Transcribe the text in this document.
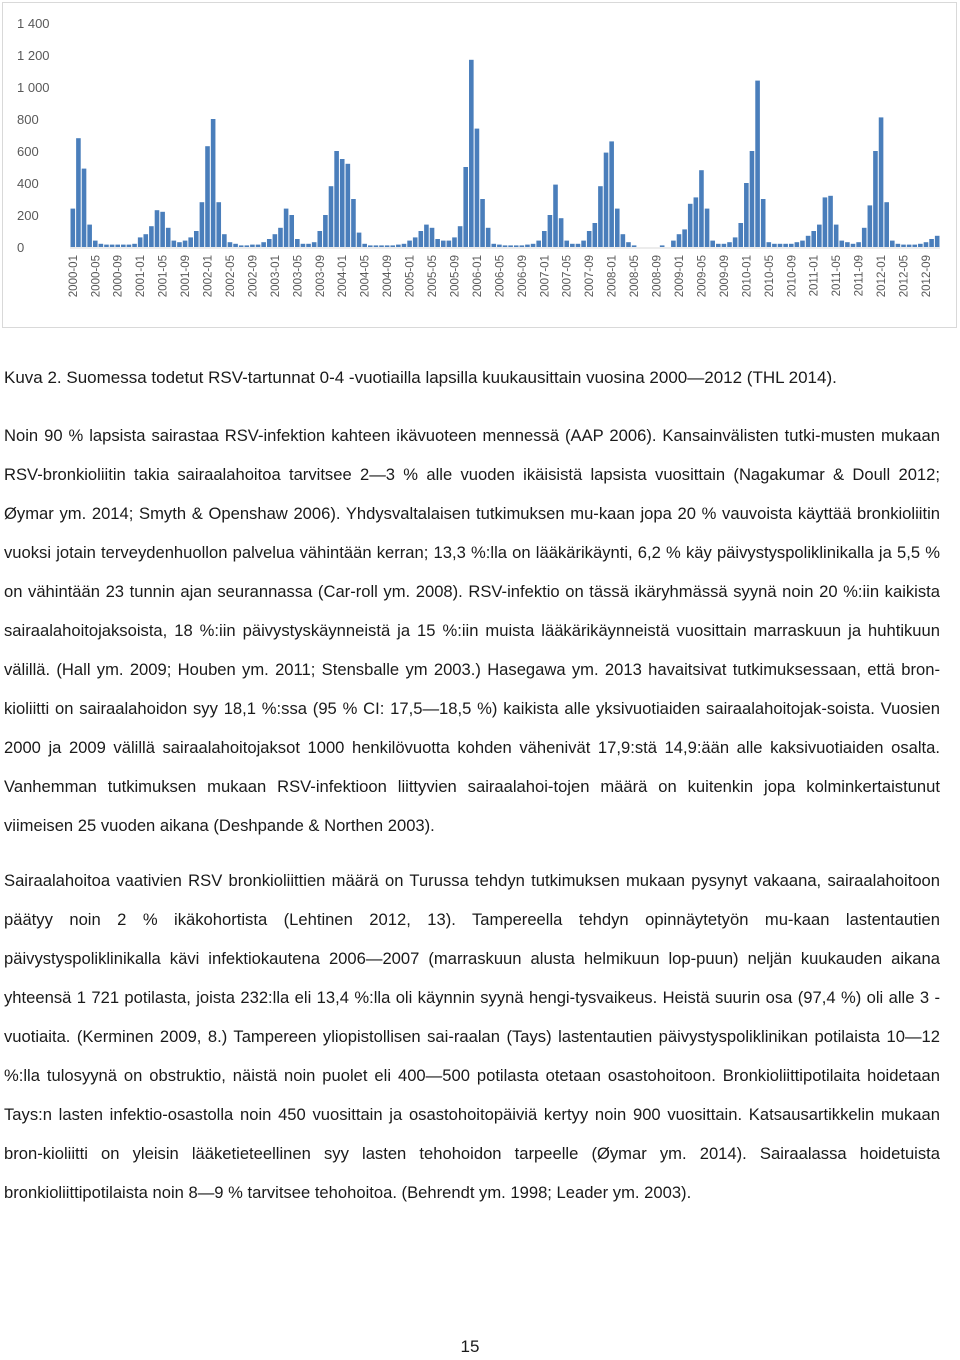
0
200
400
600
800
1 000
1 200
1 400
2000-01 2000-05 2000-09 2001-01 2001-05 2001-09 2002-01 2002-05 2002-09 2003-01 2003-05 2003-09 2004-01 2004-05 2004-09 2005-01 2005-05 2005-09 2006-01 2006-05 2006-09 2007-01 2007-05 2007-09 2008-01 2008-05 2008-09 2009-01 2009-05 2009-09 2010-01 2010-05 2010-09 2011-01 2011-05 2011-09 2012-01 2012-05 2012-09
Kuva 2. Suomessa todetut RSV-tartunnat 0-4 -vuotiailla lapsilla kuukausittain vuosina 2000—2012 (THL 2014).

Noin 90 % lapsista sairastaa RSV-infektion kahteen ikävuoteen mennessä (AAP 2006). Kansainvälisten tutki-musten mukaan RSV-bronkioliitin takia sairaalahoitoa tarvitsee 2—3 % alle vuoden ikäisistä lapsista vuosittain (Nagakumar & Doull 2012; Øymar ym. 2014; Smyth & Openshaw 2006). Yhdysvaltalaisen tutkimuksen mu-kaan jopa 20 % vauvoista käyttää bronkioliitin vuoksi jotain terveydenhuollon palvelua vähintään kerran; 13,3 %:lla on lääkärikäynti, 6,2 % käy päivystyspoliklinikalla ja 5,5 % on vähintään 23 tunnin ajan seurannassa (Car-roll ym. 2008). RSV-infektio on tässä ikäryhmässä syynä noin 20 %:iin kaikista sairaalahoitojaksoista, 18 %:iin päivystyskäynneistä ja 15 %:iin muista lääkärikäynneistä vuosittain marraskuun ja huhtikuun välillä. (Hall ym. 2009; Houben ym. 2011; Stensballe ym 2003.) Hasegawa ym. 2013 havaitsivat tutkimuksessaan, että bron-kioliitti on sairaalahoidon syy 18,1 %:ssa (95 % CI: 17,5—18,5 %) kaikista alle yksivuotiaiden sairaalahoitojak-soista. Vuosien 2000 ja 2009 välillä sairaalahoitojaksot 1000 henkilövuotta kohden vähenivät 17,9:stä 14,9:ään alle kaksivuotiaiden osalta. Vanhemman tutkimuksen mukaan RSV-infektioon liittyvien sairaalahoi-tojen määrä on kuitenkin jopa kolminkertaistunut viimeisen 25 vuoden aikana (Deshpande & Northen 2003).

Sairaalahoitoa vaativien RSV bronkioliittien määrä on Turussa tehdyn tutkimuksen mukaan pysynyt vakaana, sairaalahoitoon päätyy noin 2 % ikäkohortista (Lehtinen 2012, 13). Tampereella tehdyn opinnäytetyön mu-kaan lastentautien päivystyspoliklinikalla kävi infektiokautena 2006—2007 (marraskuun alusta helmikuun lop-puun) neljän kuukauden aikana yhteensä 1 721 potilasta, joista 232:lla eli 13,4 %:lla oli käynnin syynä hengi-tysvaikeus. Heistä suurin osa (97,4 %) oli alle 3 -vuotiaita. (Kerminen 2009, 8.) Tampereen yliopistollisen sai-raalan (Tays) lastentautien päivystyspoliklinikan potilaista 10—12 %:lla tulosyynä on obstruktio, näistä noin puolet eli 400—500 potilasta otetaan osastohoitoon. Bronkioliittipotilaita hoidetaan Tays:n lasten infektio-osastolla noin 450 vuosittain ja osastohoitopäiviä kertyy noin 900 vuosittain. Katsausartikkelin mukaan bron-kioliitti on yleisin lääketieteellinen syy lasten tehohoidon tarpeelle (Øymar ym. 2014). Sairaalassa hoidetuista bronkioliittipotilaista noin 8—9 % tarvitsee tehohoitoa. (Behrendt ym. 1998; Leader ym. 2003).

15
